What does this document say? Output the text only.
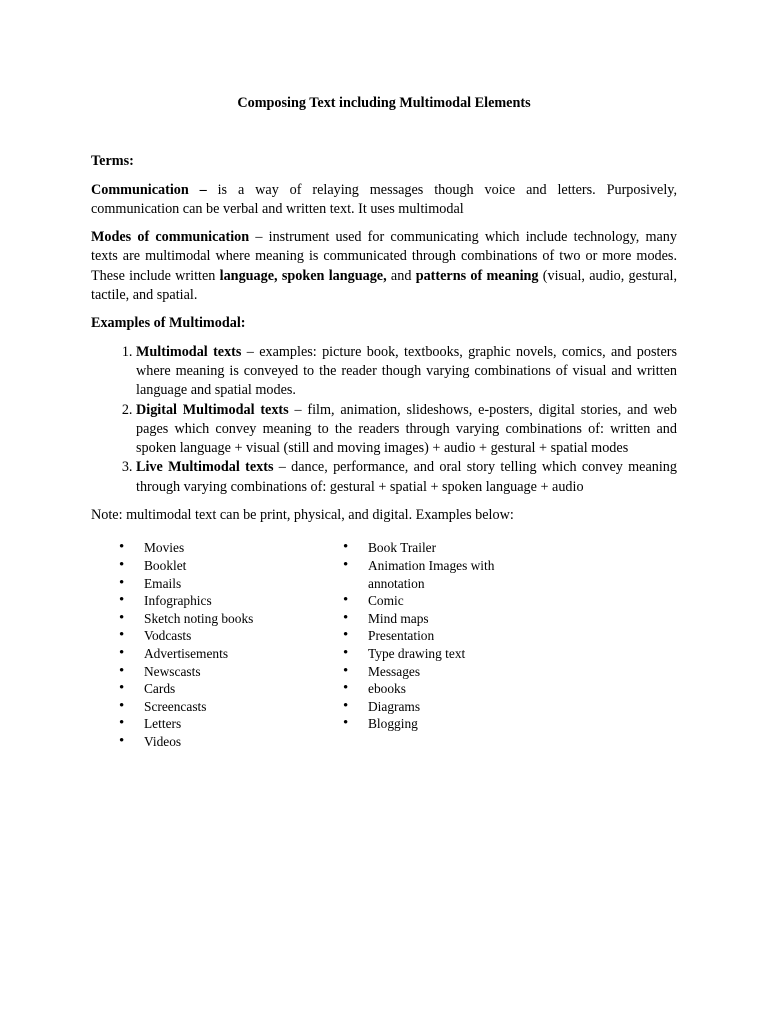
Composing Text including Multimodal Elements
Terms:

Communication – is a way of relaying messages though voice and letters. Purposively, communication can be verbal and written text. It uses multimodal

Modes of communication – instrument used for communicating which include technology, many texts are multimodal where meaning is communicated through combinations of two or more modes. These include written language, spoken language, and patterns of meaning (visual, audio, gestural, tactile, and spatial.

Examples of Multimodal:
1. Multimodal texts – examples: picture book, textbooks, graphic novels, comics, and posters where meaning is conveyed to the reader though varying combinations of visual and written language and spatial modes.
2. Digital Multimodal texts – film, animation, slideshows, e-posters, digital stories, and web pages which convey meaning to the readers through varying combinations of: written and spoken language + visual (still and moving images) + audio + gestural + spatial modes
3. Live Multimodal texts – dance, performance, and oral story telling which convey meaning through varying combinations of: gestural + spatial + spoken language + audio

Note: multimodal text can be print, physical, and digital. Examples below:

• Movies
• Booklet
• Emails
• Infographics
• Sketch noting books
• Vodcasts
• Advertisements
• Newscasts
• Cards
• Screencasts
• Letters
• Videos
• Book Trailer
• Animation Images with annotation
• Comic
• Mind maps
• Presentation
• Type drawing text
• Messages
• ebooks
• Diagrams
• Blogging
